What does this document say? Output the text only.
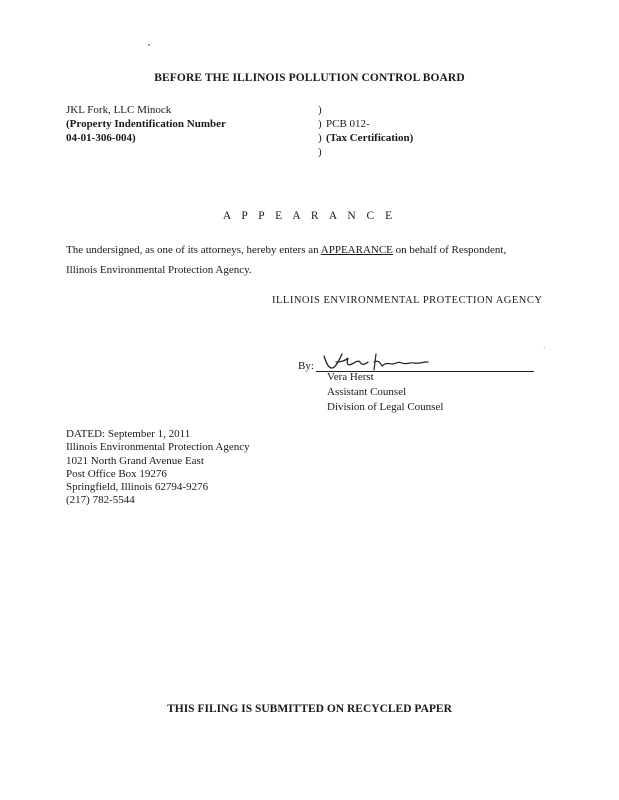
BEFORE THE ILLINOIS POLLUTION CONTROL BOARD
JKL Fork, LLC Minock
(Property Indentification Number
04-01-306-004)
)
)
)
)
PCB 012-
(Tax Certification)
A P P E A R A N C E
The undersigned, as one of its attorneys, hereby enters an APPEARANCE on behalf of Respondent,
Illinois Environmental Protection Agency.
ILLINOIS ENVIRONMENTAL PROTECTION AGENCY
·
By:
Vera Herst
Assistant Counsel
Division of Legal Counsel
DATED: September 1, 2011
Illinois Environmental Protection Agency
1021 North Grand Avenue East
Post Office Box 19276
Springfield, Illinois 62794-9276
(217) 782-5544
THIS FILING IS SUBMITTED ON RECYCLED PAPER
